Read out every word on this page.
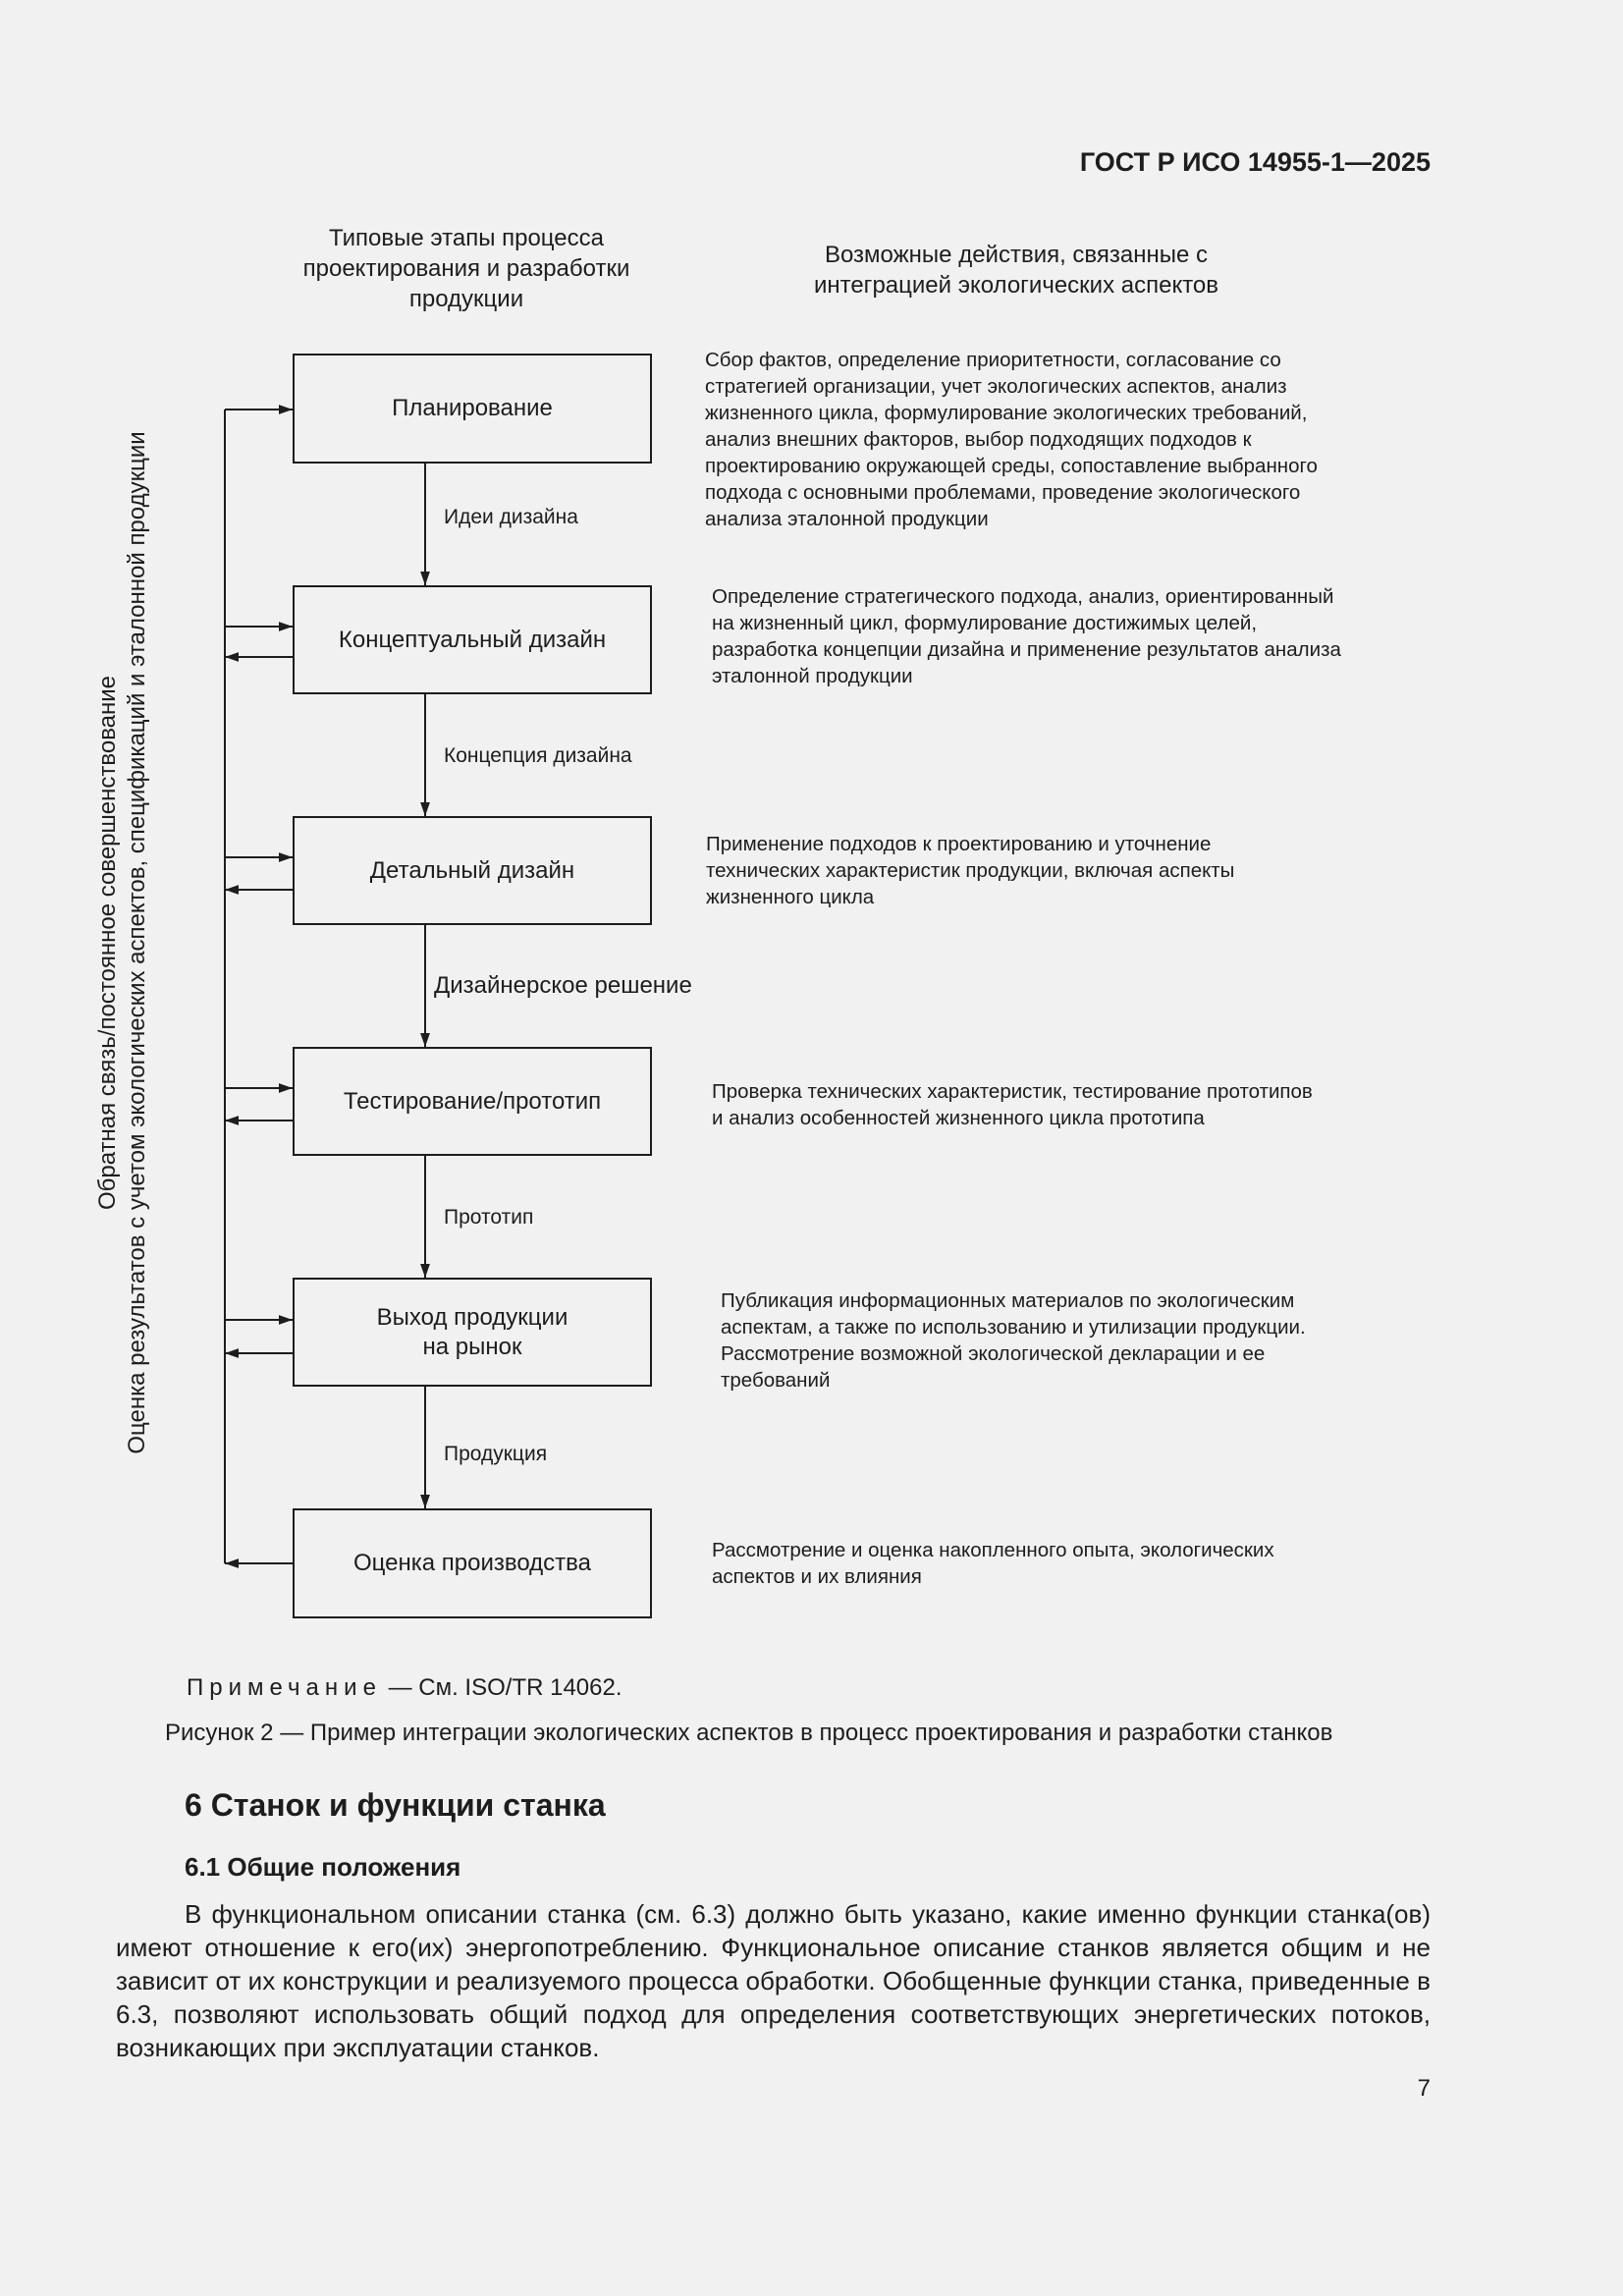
ГОСТ Р ИСО 14955-1—2025
Типовые этапы процесса
проектирования и разработки
продукции
Возможные действия, связанные с
интеграцией экологических аспектов
Обратная связь/постоянное совершенствование Оценка результатов с учетом экологических аспектов, спецификаций и эталонной продукции
Планирование
Концептуальный дизайн
Детальный дизайн
Тестирование/прототип
Выход продукции
на рынок
Оценка производства
Идеи дизайна
Концепция дизайна
Дизайнерское решение
Прототип
Продукция
Сбор фактов, определение приоритетности, согласование со
стратегией организации, учет экологических аспектов, анализ
жизненного цикла, формулирование экологических требований,
анализ внешних факторов, выбор подходящих подходов к
проектированию окружающей среды, сопоставление выбранного
подхода с основными проблемами, проведение экологического
анализа эталонной продукции
Определение стратегического подхода, анализ, ориентированный
на жизненный цикл, формулирование достижимых целей,
разработка концепции дизайна и применение результатов анализа
эталонной продукции
Применение подходов к проектированию и уточнение
технических характеристик продукции, включая аспекты
жизненного цикла
Проверка технических характеристик, тестирование прототипов
и анализ особенностей жизненного цикла прототипа
Публикация информационных материалов по экологическим
аспектам, а также по использованию и утилизации продукции.
Рассмотрение возможной экологической декларации и ее
требований
Рассмотрение и оценка накопленного опыта, экологических
аспектов и их влияния
Примечание — См. ISO/TR 14062.
Рисунок 2 — Пример интеграции экологических аспектов в процесс проектирования и разработки станков
6 Станок и функции станка
6.1 Общие положения
В функциональном описании станка (см. 6.3) должно быть указано, какие именно функции станка(ов) имеют отношение к его(их) энергопотреблению. Функциональное описание станков является общим и не зависит от их конструкции и реализуемого процесса обработки. Обобщенные функции станка, приведенные в 6.3, позволяют использовать общий подход для определения соответствующих энергетических потоков, возникающих при эксплуатации станков.
7
